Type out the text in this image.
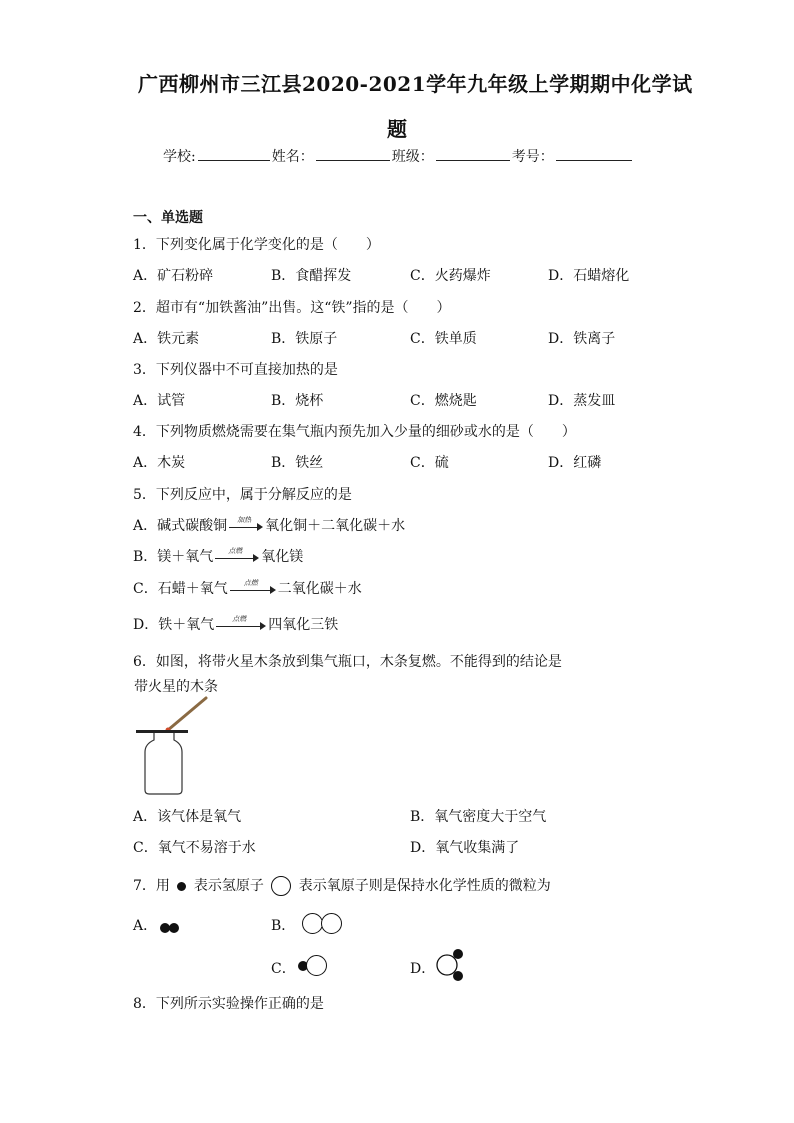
广西柳州市三江县2020-2021学年九年级上学期期中化学试
题
学校:	姓名：	班级：	考号：
一、单选题
1．下列变化属于化学变化的是（　　）
A．矿石粉碎	B．食醋挥发	C．火药爆炸	D．石蜡熔化
2．超市有“加铁酱油”出售。这“铁”指的是（　　）
A．铁元素	B．铁原子	C．铁单质	D．铁离子
3．下列仪器中不可直接加热的是
A．试管	B．烧杯	C．燃烧匙	D．蒸发皿
4．下列物质燃烧需要在集气瓶内预先加入少量的细砂或水的是（　　）
A．木炭	B．铁丝	C．硫	D．红磷
5．下列反应中，属于分解反应的是
A．碱式碳酸铜	加热	氧化铜＋二氧化碳＋水
B．镁＋氧气	点燃	氧化镁
C．石蜡＋氧气	点燃	二氧化碳＋水
D．铁＋氧气	点燃	四氧化三铁
6．如图，将带火星木条放到集气瓶口，木条复燃。不能得到的结论是
带火星的木条
A．该气体是氧气	B．氧气密度大于空气
C．氧气不易溶于水	D．氧气收集满了
7．用 表示氢原子 表示氧原子则是保持水化学性质的微粒为
A．	B．
C．	D．
8．下列所示实验操作正确的是
